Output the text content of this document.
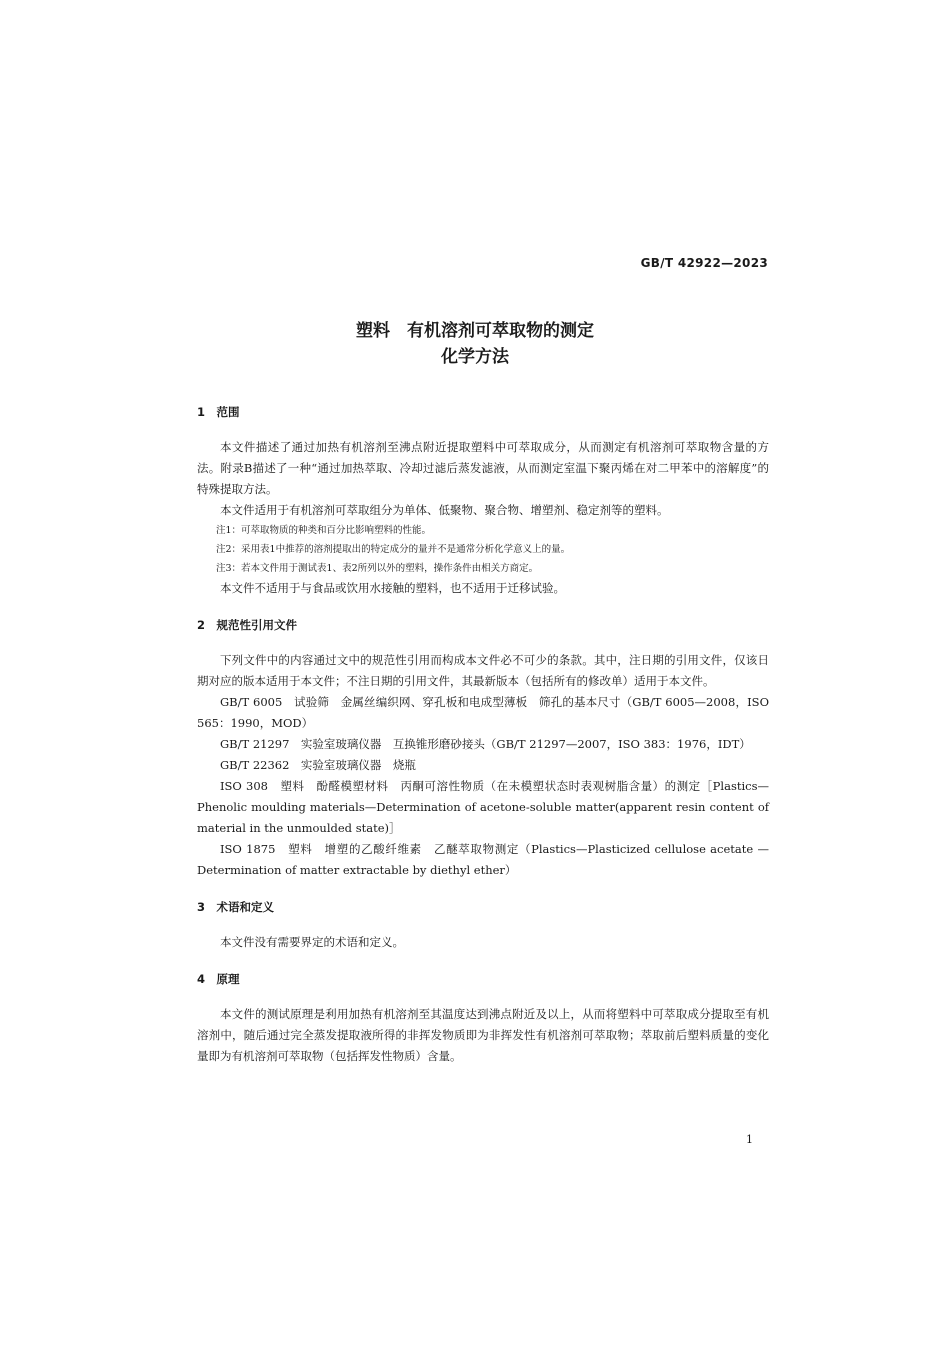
GB/T 42922—2023
塑料　有机溶剂可萃取物的测定
化学方法
1　范围

本文件描述了通过加热有机溶剂至沸点附近提取塑料中可萃取成分，从而测定有机溶剂可萃取物含量的方法。附录B描述了一种“通过加热萃取、冷却过滤后蒸发滤液，从而测定室温下聚丙烯在对二甲苯中的溶解度”的特殊提取方法。

本文件适用于有机溶剂可萃取组分为单体、低聚物、聚合物、增塑剂、稳定剂等的塑料。

注1：可萃取物质的种类和百分比影响塑料的性能。
注2：采用表1中推荐的溶剂提取出的特定成分的量并不是通常分析化学意义上的量。
注3：若本文件用于测试表1、表2所列以外的塑料，操作条件由相关方商定。

本文件不适用于与食品或饮用水接触的塑料，也不适用于迁移试验。

2　规范性引用文件

下列文件中的内容通过文中的规范性引用而构成本文件必不可少的条款。其中，注日期的引用文件，仅该日期对应的版本适用于本文件；不注日期的引用文件，其最新版本（包括所有的修改单）适用于本文件。

GB/T 6005　试验筛　金属丝编织网、穿孔板和电成型薄板　筛孔的基本尺寸（GB/T 6005—2008，ISO 565：1990，MOD）
GB/T 21297　实验室玻璃仪器　互换锥形磨砂接头（GB/T 21297—2007，ISO 383：1976，IDT）
GB/T 22362　实验室玻璃仪器　烧瓶
ISO 308　塑料　酚醛模塑材料　丙酮可溶性物质（在未模塑状态时表观树脂含量）的测定［Plastics—Phenolic moulding materials—Determination of acetone-soluble matter(apparent resin content of material in the unmoulded state)］
ISO 1875　塑料　增塑的乙酸纤维素　乙醚萃取物测定（Plastics—Plasticized cellulose acetate — Determination of matter extractable by diethyl ether）
3　术语和定义

本文件没有需要界定的术语和定义。

4　原理

本文件的测试原理是利用加热有机溶剂至其温度达到沸点附近及以上，从而将塑料中可萃取成分提取至有机溶剂中，随后通过完全蒸发提取液所得的非挥发物质即为非挥发性有机溶剂可萃取物；萃取前后塑料质量的变化量即为有机溶剂可萃取物（包括挥发性物质）含量。

1
